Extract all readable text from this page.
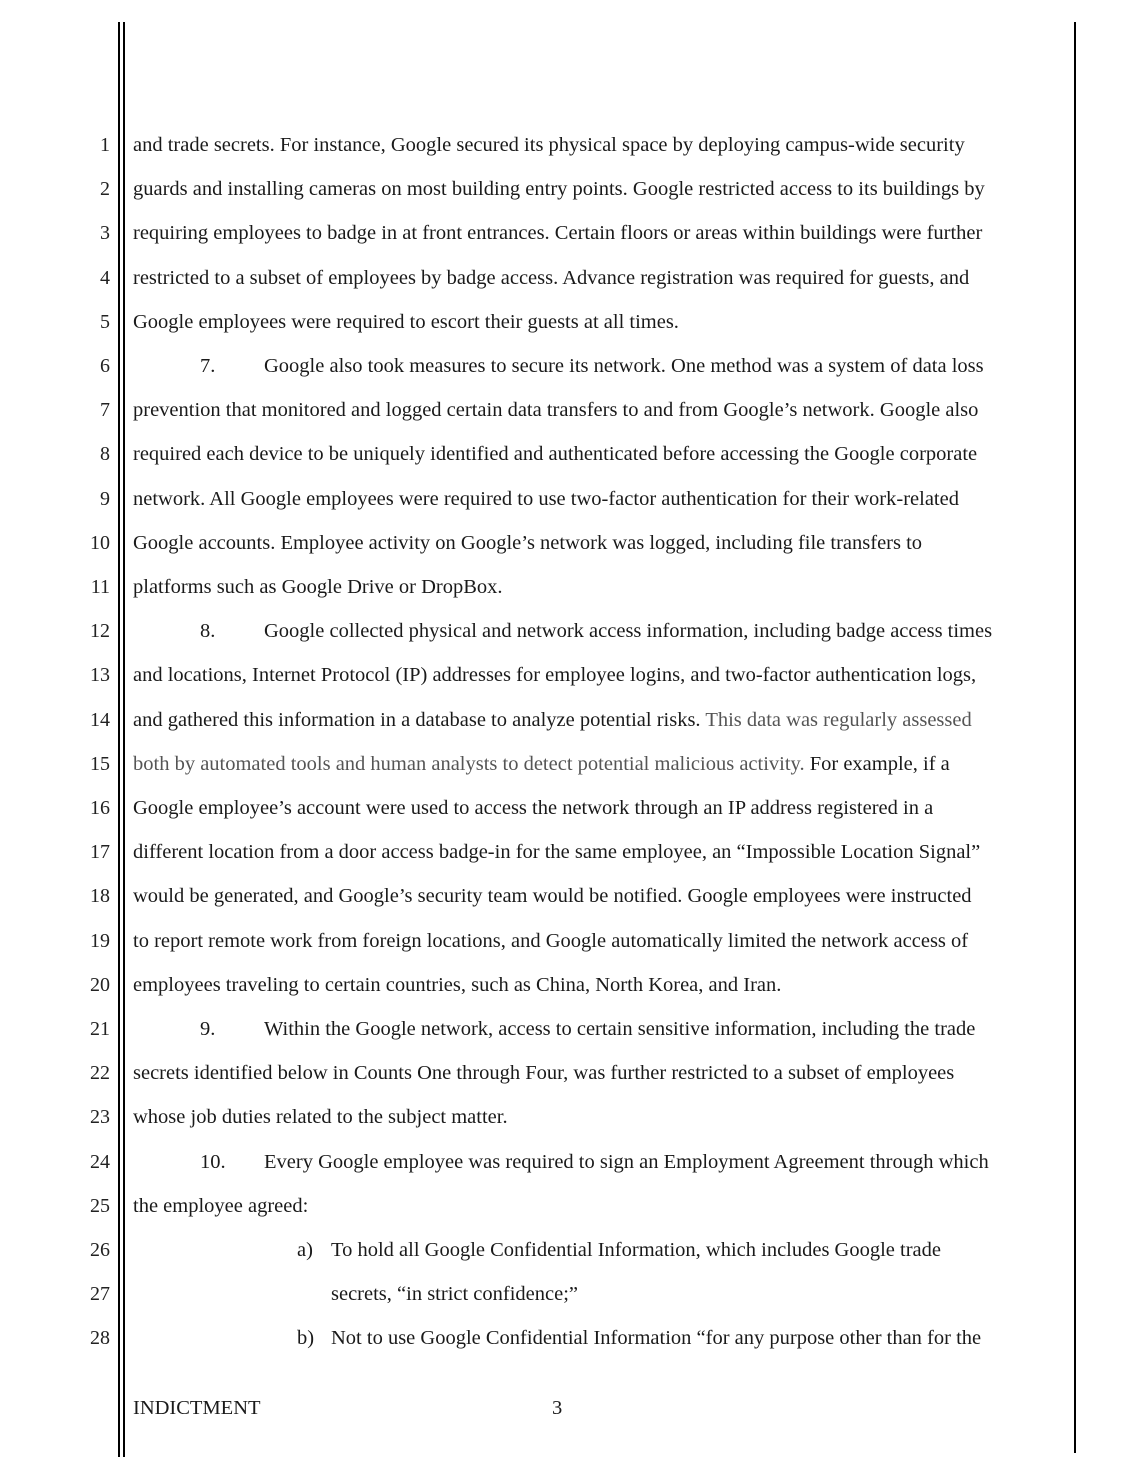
1
2
3
4
5
6
7
8
9
10
11
12
13
14
15
16
17
18
19
20
21
22
23
24
25
26
27
28
and trade secrets. For instance, Google secured its physical space by deploying campus-wide security
guards and installing cameras on most building entry points. Google restricted access to its buildings by
requiring employees to badge in at front entrances. Certain floors or areas within buildings were further
restricted to a subset of employees by badge access. Advance registration was required for guests, and
Google employees were required to escort their guests at all times.
7. Google also took measures to secure its network. One method was a system of data loss
prevention that monitored and logged certain data transfers to and from Google’s network. Google also
required each device to be uniquely identified and authenticated before accessing the Google corporate
network. All Google employees were required to use two-factor authentication for their work-related
Google accounts. Employee activity on Google’s network was logged, including file transfers to
platforms such as Google Drive or DropBox.
8. Google collected physical and network access information, including badge access times
and locations, Internet Protocol (IP) addresses for employee logins, and two-factor authentication logs,
and gathered this information in a database to analyze potential risks. This data was regularly assessed
both by automated tools and human analysts to detect potential malicious activity. For example, if a
Google employee’s account were used to access the network through an IP address registered in a
different location from a door access badge-in for the same employee, an “Impossible Location Signal”
would be generated, and Google’s security team would be notified. Google employees were instructed
to report remote work from foreign locations, and Google automatically limited the network access of
employees traveling to certain countries, such as China, North Korea, and Iran.
9. Within the Google network, access to certain sensitive information, including the trade
secrets identified below in Counts One through Four, was further restricted to a subset of employees
whose job duties related to the subject matter.
10. Every Google employee was required to sign an Employment Agreement through which
the employee agreed:
a) To hold all Google Confidential Information, which includes Google trade
secrets, “in strict confidence;”
b) Not to use Google Confidential Information “for any purpose other than for the
INDICTMENT	3
